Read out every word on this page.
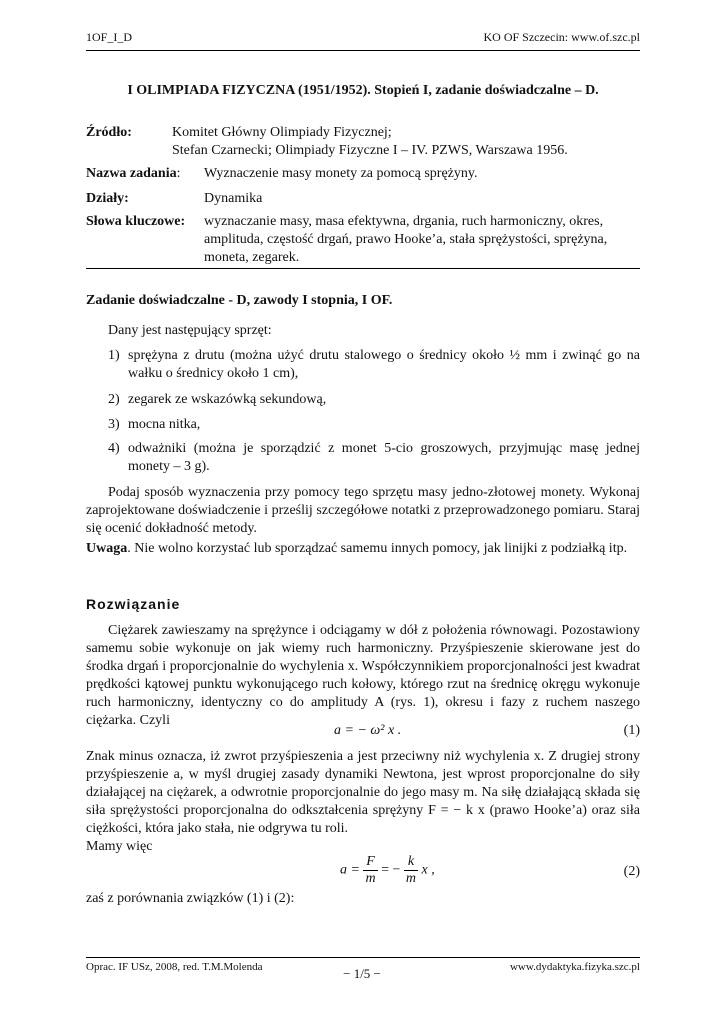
1OF_I_D	KO OF Szczecin: www.of.szc.pl
I OLIMPIADA FIZYCZNA (1951/1952). Stopień I, zadanie doświadczalne – D.
Źródło:	Komitet Główny Olimpiady Fizycznej;
Stefan Czarnecki; Olimpiady Fizyczne I – IV. PZWS, Warszawa 1956.
Nazwa zadania: Wyznaczenie masy monety za pomocą sprężyny.
Działy:	Dynamika
Słowa kluczowe: wyznaczanie masy, masa efektywna, drgania, ruch harmoniczny, okres,
amplituda, częstość drgań, prawo Hooke’a, stała sprężystości, sprężyna,
moneta, zegarek.
Zadanie doświadczalne - D, zawody I stopnia, I OF.
Dany jest następujący sprzęt:
1) sprężyna z drutu (można użyć drutu stalowego o średnicy około ½ mm i zwinąć go na wałku o średnicy około 1 cm),
2) zegarek ze wskazówką sekundową,
3) mocna nitka,
4) odważniki (można je sporządzić z monet 5-cio groszowych, przyjmując masę jednej monety – 3 g).
Podaj sposób wyznaczenia przy pomocy tego sprzętu masy jedno-złotowej monety. Wykonaj zaprojektowane doświadczenie i prześlij szczegółowe notatki z przeprowadzonego pomiaru. Staraj się ocenić dokładność metody.
Uwaga. Nie wolno korzystać lub sporządzać samemu innych pomocy, jak linijki z podziałką itp.
Rozwiązanie
Ciężarek zawieszamy na sprężynce i odciągamy w dół z położenia równowagi. Pozostawiony samemu sobie wykonuje on jak wiemy ruch harmoniczny. Przyśpieszenie skierowane jest do środka drgań i proporcjonalnie do wychylenia x. Współczynnikiem proporcjonalności jest kwadrat prędkości kątowej punktu wykonującego ruch kołowy, którego rzut na średnicę okręgu wykonuje ruch harmoniczny, identyczny co do amplitudy A (rys. 1), okresu i fazy z ruchem naszego ciężarka. Czyli
a = − ω² x .	(1)
Znak minus oznacza, iż zwrot przyśpieszenia a jest przeciwny niż wychylenia x. Z drugiej strony przyśpieszenie a, w myśl drugiej zasady dynamiki Newtona, jest wprost proporcjonalne do siły działającej na ciężarek, a odwrotnie proporcjonalnie do jego masy m. Na siłę działającą składa się siła sprężystości proporcjonalna do odkształcenia sprężyny F = − k x (prawo Hooke’a) oraz siła ciężkości, która jako stała, nie odgrywa tu roli.
Mamy więc
$a = \frac{F}{m}$ = − $\frac{k}{m}$ x ,	(2)
zaś z porównania związków (1) i (2):
Oprac. IF USz, 2008, red. T.M.Molenda	− 1/5 −	www.dydaktyka.fizyka.szc.pl
